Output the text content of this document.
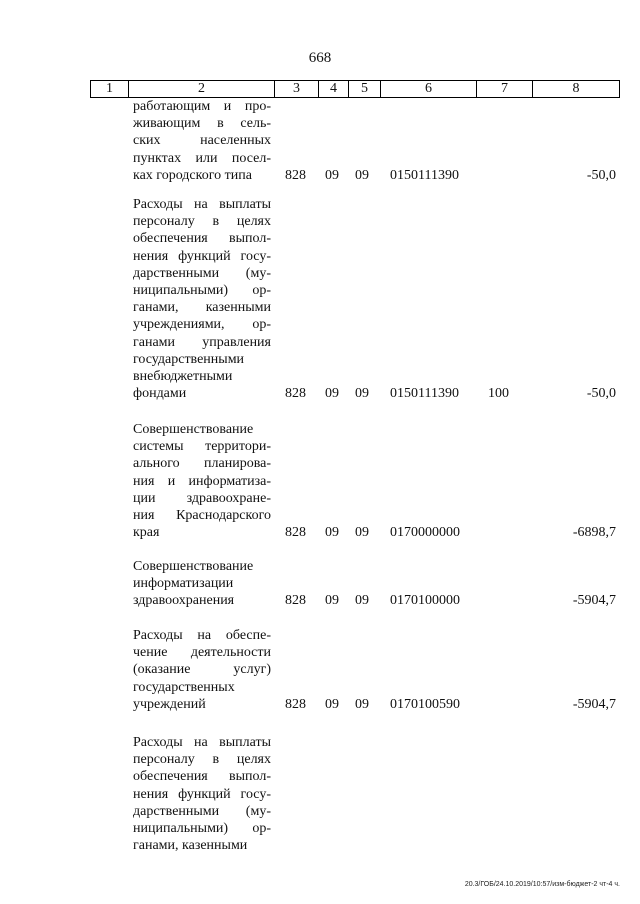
668
1	2	3	4	5	6	7	8
работающим и про-
живающим в сель-
ских населенных
пунктах или посел-
ках городского типа	828 09 09 0150111390	-50,0
Расходы на выплаты
персоналу в целях
обеспечения выпол-
нения функций госу-
дарственными (му-
ниципальными) ор-
ганами, казенными
учреждениями, ор-
ганами управления
государственными
внебюджетными
фондами	828 09 09 0150111390 100	-50,0
Совершенствование
системы территори-
ального планирова-
ния и информатиза-
ции здравоохране-
ния Краснодарского
края	828 09 09 0170000000	-6898,7
Совершенствование
информатизации
здравоохранения	828 09 09 0170100000	-5904,7
Расходы на обеспе-
чение деятельности
(оказание услуг)
государственных
учреждений	828 09 09 0170100590	-5904,7
Расходы на выплаты
персоналу в целях
обеспечения выпол-
нения функций госу-
дарственными (му-
ниципальными) ор-
ганами, казенными
20.3/ГОБ/24.10.2019/10:57/изм-бюджет-2 чт-4 ч.
